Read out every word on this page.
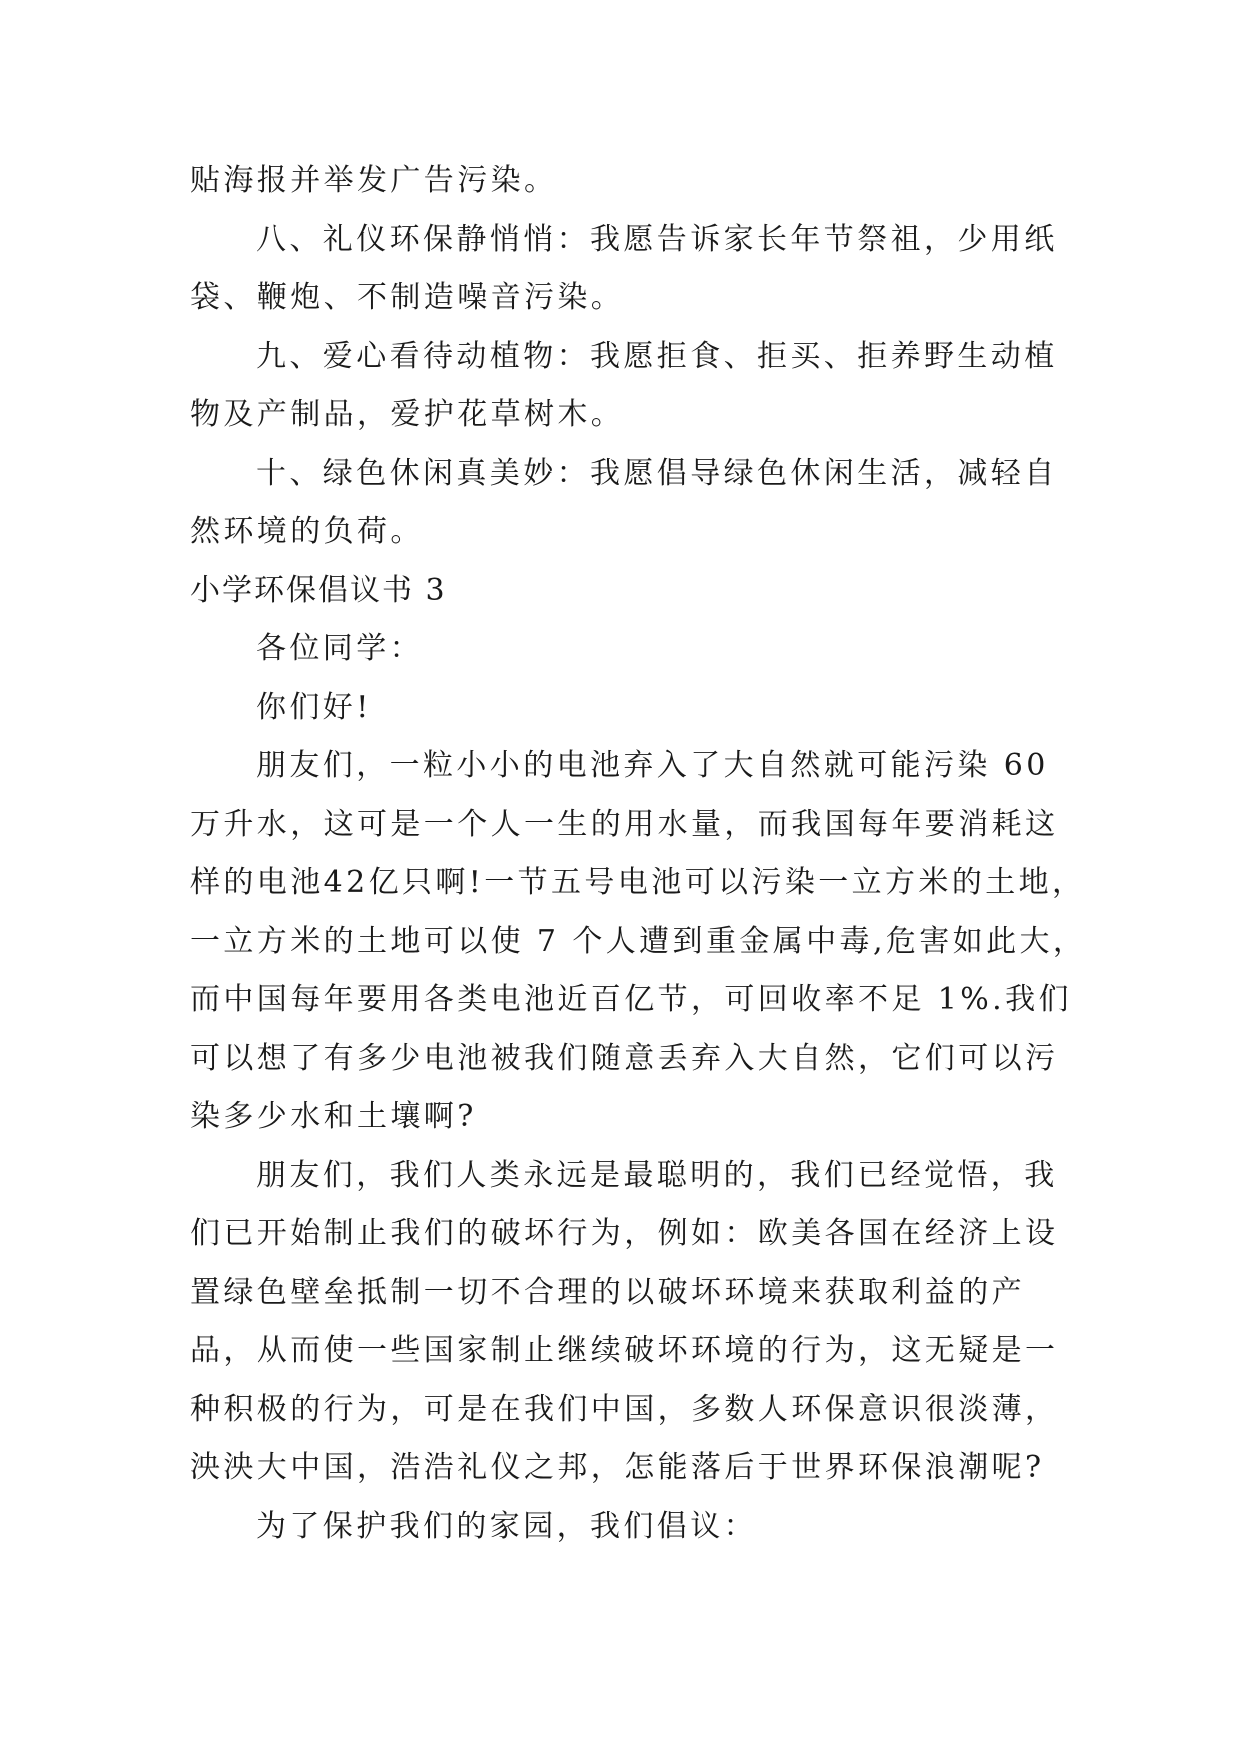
贴海报并举发广告污染。
八、礼仪环保静悄悄：我愿告诉家长年节祭祖，少用纸
袋、鞭炮、不制造噪音污染。
九、爱心看待动植物：我愿拒食、拒买、拒养野生动植
物及产制品，爱护花草树木。
十、绿色休闲真美妙：我愿倡导绿色休闲生活，减轻自
然环境的负荷。
小学环保倡议书 3
各位同学：
你们好!
朋友们，一粒小小的电池弃入了大自然就可能污染 60
万升水，这可是一个人一生的用水量，而我国每年要消耗这
样的电池42亿只啊!一节五号电池可以污染一立方米的土地，
一立方米的土地可以使 7 个人遭到重金属中毒,危害如此大，
而中国每年要用各类电池近百亿节，可回收率不足 1%.我们
可以想了有多少电池被我们随意丢弃入大自然，它们可以污
染多少水和土壤啊?
朋友们，我们人类永远是最聪明的，我们已经觉悟，我
们已开始制止我们的破坏行为，例如：欧美各国在经济上设
置绿色壁垒抵制一切不合理的以破坏环境来获取利益的产
品，从而使一些国家制止继续破坏环境的行为，这无疑是一
种积极的行为，可是在我们中国，多数人环保意识很淡薄，
泱泱大中国，浩浩礼仪之邦，怎能落后于世界环保浪潮呢?
为了保护我们的家园，我们倡议：
